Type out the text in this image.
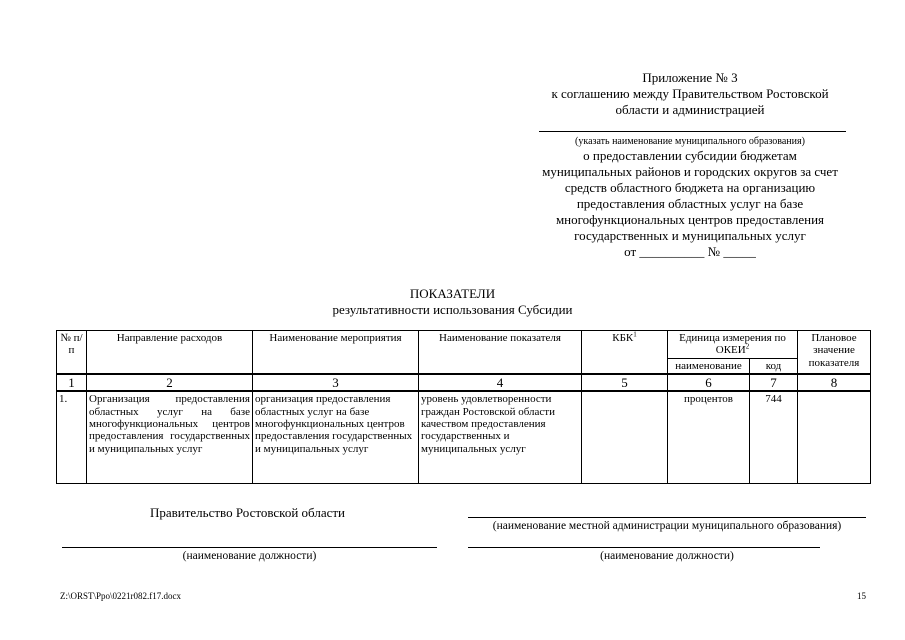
Приложение № 3
к соглашению между Правительством Ростовской
области и администрацией
(указать наименование муниципального образования)
о предоставлении субсидии бюджетам
муниципальных районов и городских округов за счет
средств областного бюджета на организацию
предоставления областных услуг на базе
многофункциональных центров предоставления
государственных и муниципальных услуг
от __________ № _____
ПОКАЗАТЕЛИ
результативности использования Субсидии
№ п/п	Направление расходов	Наименование мероприятия	Наименование показателя	КБК$^1$	Единица измерения по ОКЕИ$^2$		Плановое значение показателя
					наименование	код	
1	2	3	4	5	6	7	8
1.	Организация предоставления областных услуг на базе многофункциональных центров предоставления государственных и муниципальных услуг	организация предоставления областных услуг на базе многофункциональных центров предоставления государственных и муниципальных услуг	уровень удовлетворенности граждан Ростовской области качеством предоставления государственных и муниципальных услуг		процентов	744	
Правительство Ростовской области
(наименование местной администрации муниципального образования)
(наименование должности)	(наименование должности)
Z:\ORST\Ppo\0221r082.f17.docx	15
